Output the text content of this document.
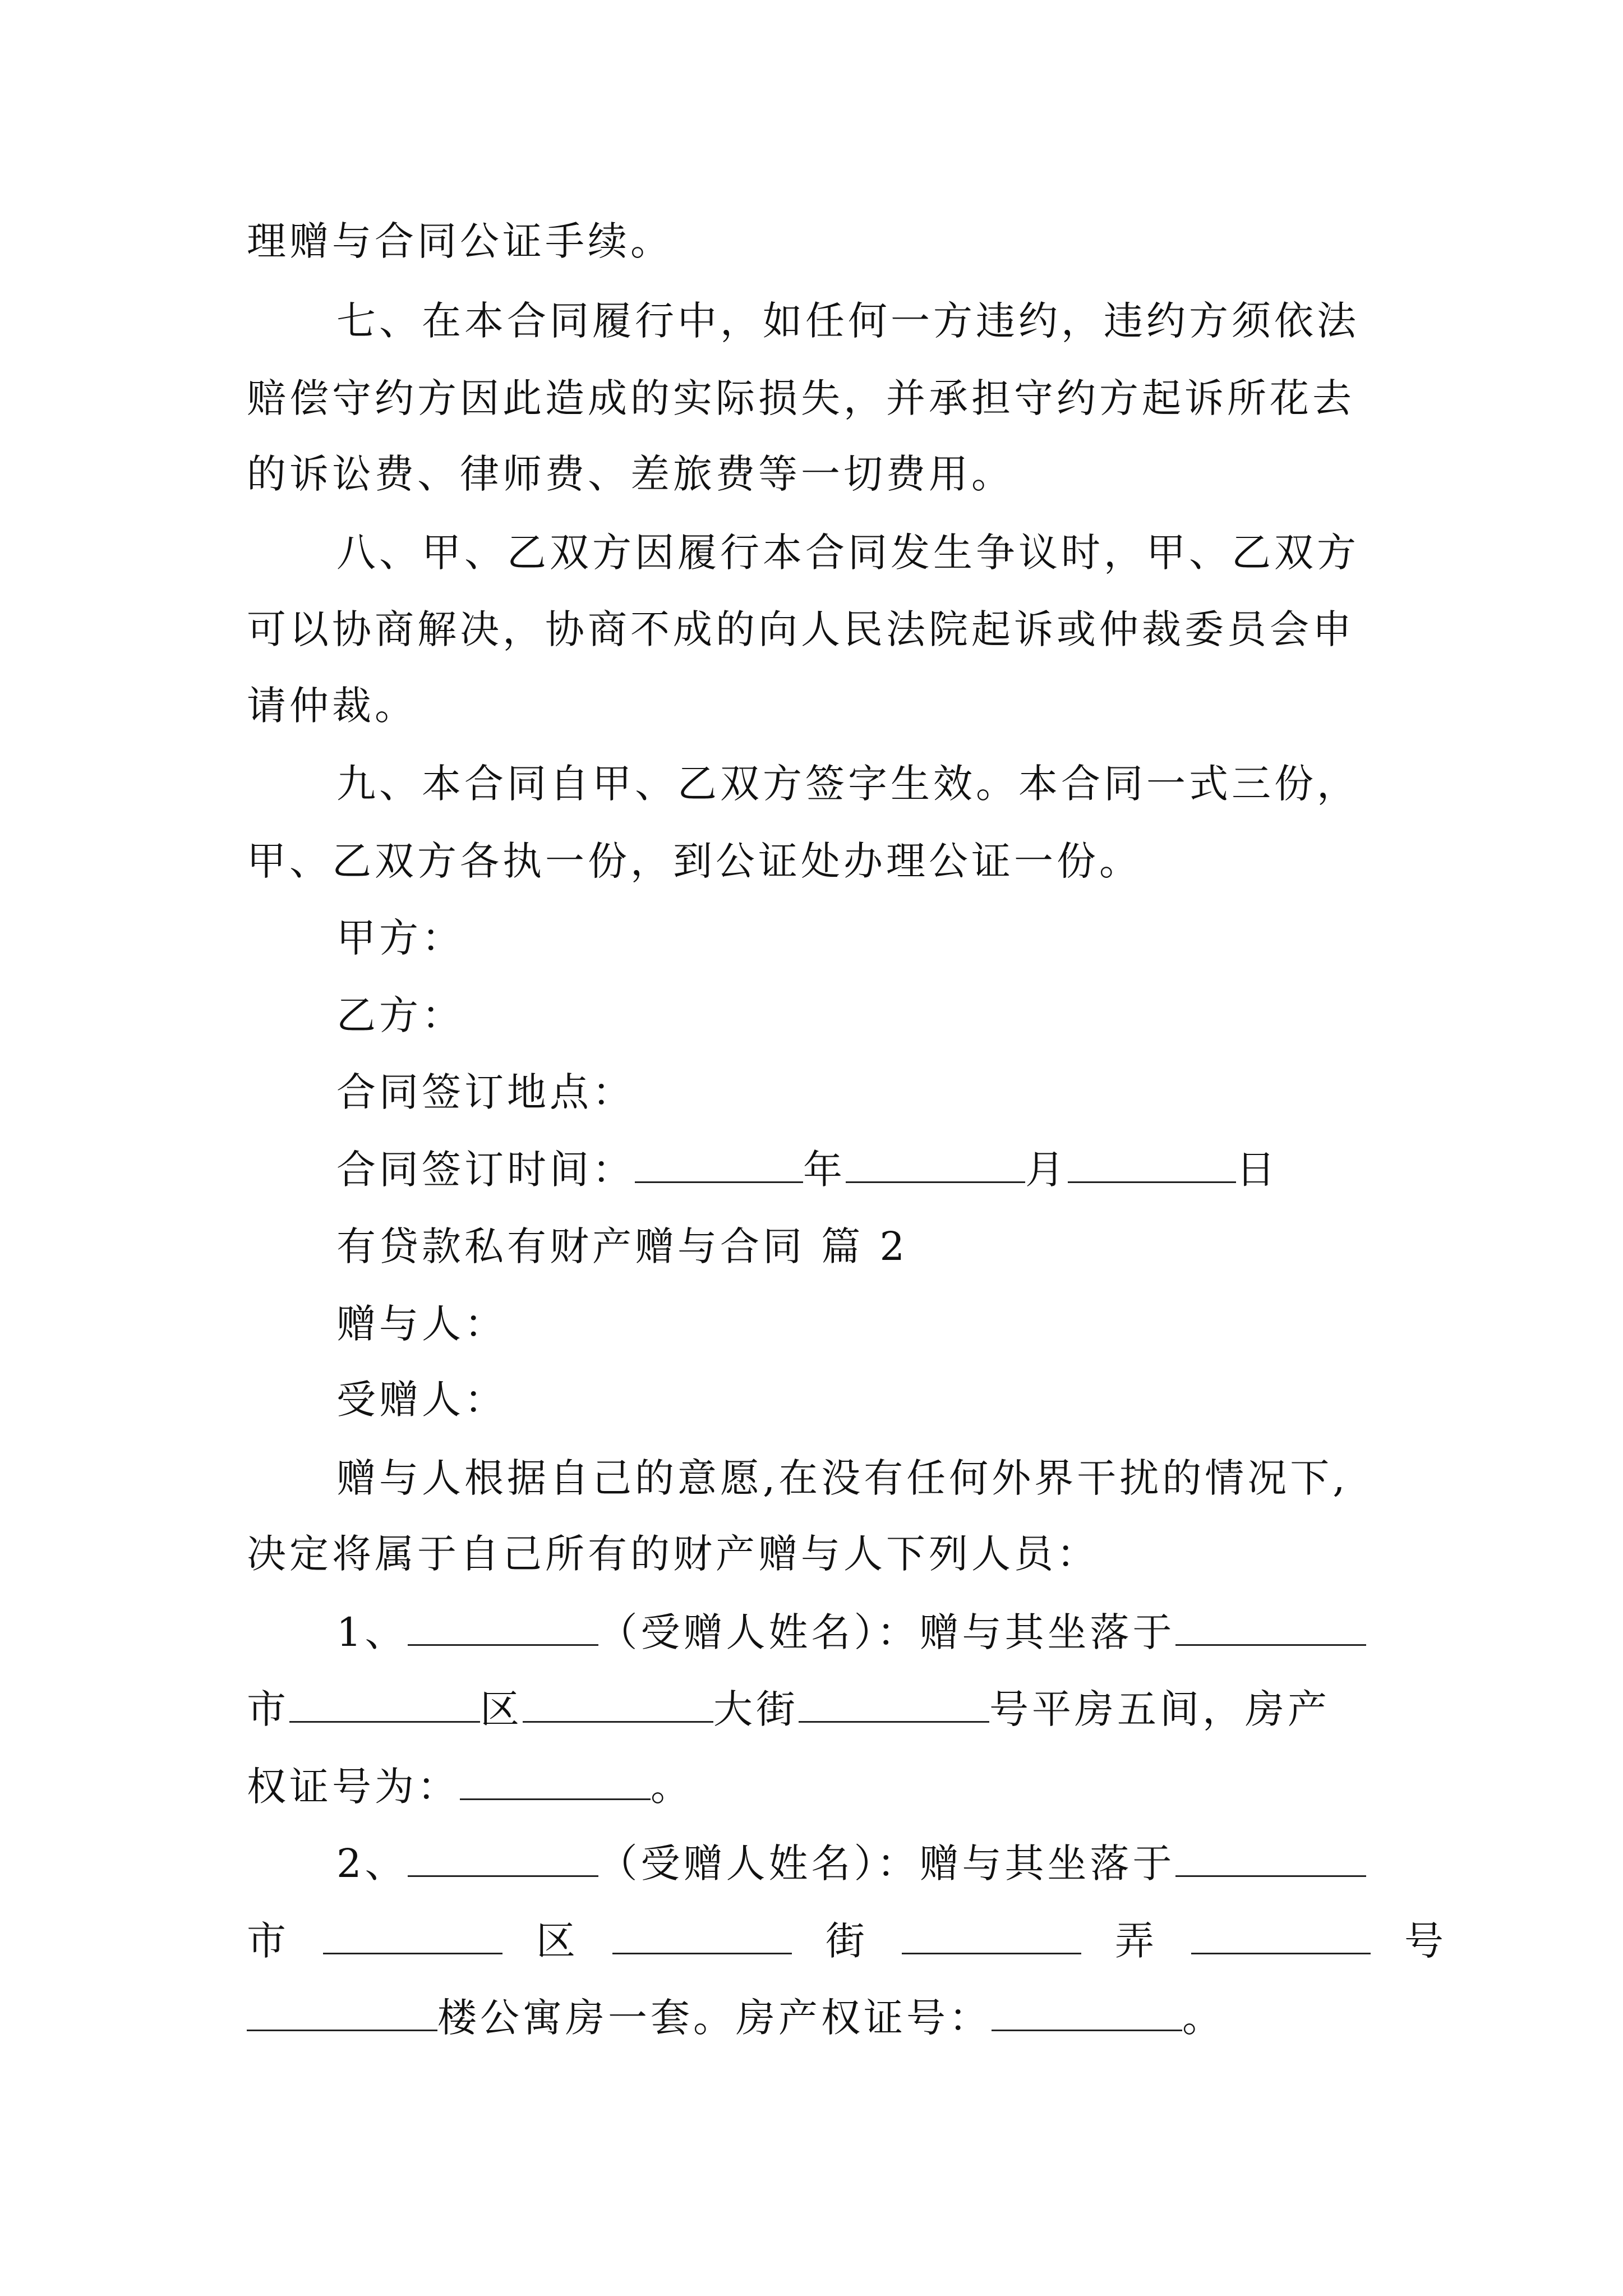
理赠与合同公证手续。
七、在本合同履行中，如任何一方违约，违约方须依法
赔偿守约方因此造成的实际损失，并承担守约方起诉所花去
的诉讼费、律师费、差旅费等一切费用。
八、甲、乙双方因履行本合同发生争议时，甲、乙双方
可以协商解决，协商不成的向人民法院起诉或仲裁委员会申
请仲裁。
九、本合同自甲、乙双方签字生效。本合同一式三份，
甲、乙双方各执一份，到公证处办理公证一份。
甲方：
乙方：
合同签订地点：
合同签订时间：	年	月	日
有贷款私有财产赠与合同 篇 2
赠与人：
受赠人：
赠与人根据自己的意愿,在没有任何外界干扰的情况下,
决定将属于自己所有的财产赠与人下列人员：
1、	（受赠人姓名）：赠与其坐落于
市	区	大街	号平房五间，房产
权证号为：	。
2、	（受赠人姓名）：赠与其坐落于
市	区	街	弄	号
楼公寓房一套。房产权证号：	。
